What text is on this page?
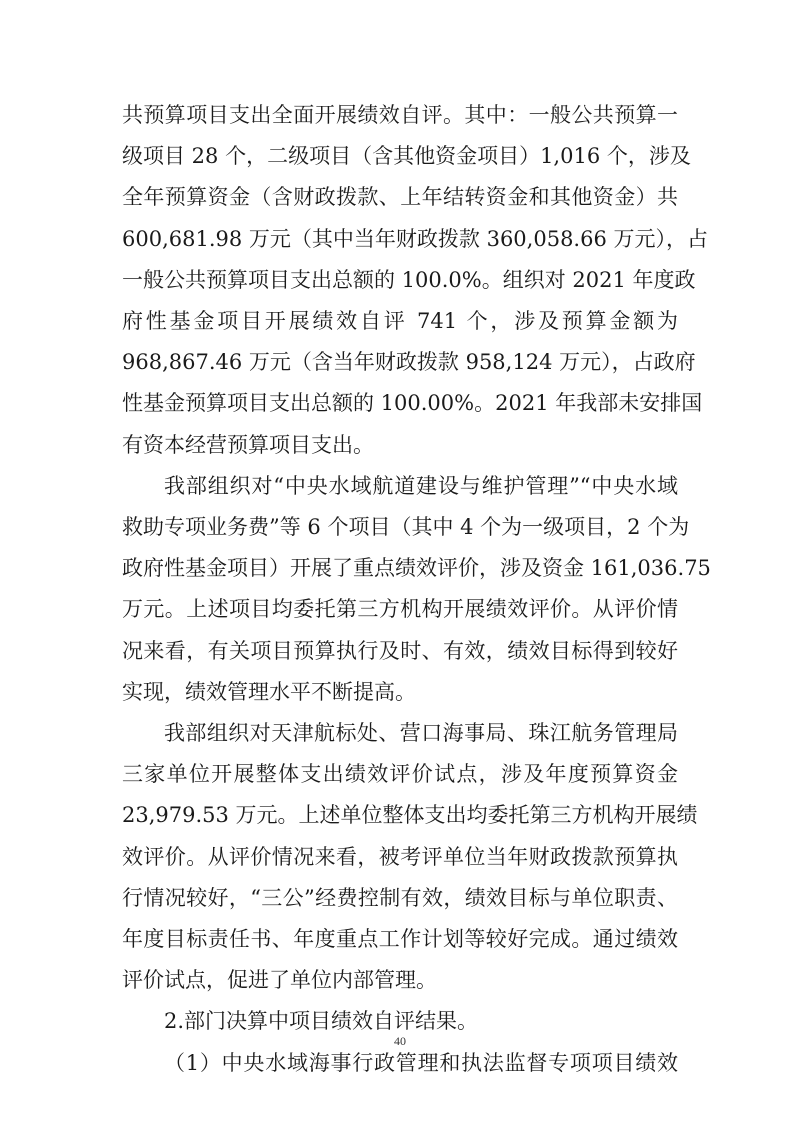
共预算项目支出全面开展绩效自评。其中：一般公共预算一
级项目 28 个，二级项目（含其他资金项目）1,016 个，涉及
全年预算资金（含财政拨款、上年结转资金和其他资金）共
600,681.98 万元（其中当年财政拨款 360,058.66 万元），占
一般公共预算项目支出总额的 100.0%。组织对 2021 年度政
府性基金项目开展绩效自评 741 个，涉及预算金额为
968,867.46 万元（含当年财政拨款 958,124 万元），占政府
性基金预算项目支出总额的 100.00%。2021 年我部未安排国
有资本经营预算项目支出。
我部组织对“中央水域航道建设与维护管理”“中央水域
救助专项业务费”等 6 个项目（其中 4 个为一级项目，2 个为
政府性基金项目）开展了重点绩效评价，涉及资金 161,036.75
万元。上述项目均委托第三方机构开展绩效评价。从评价情
况来看，有关项目预算执行及时、有效，绩效目标得到较好
实现，绩效管理水平不断提高。
我部组织对天津航标处、营口海事局、珠江航务管理局
三家单位开展整体支出绩效评价试点，涉及年度预算资金
23,979.53 万元。上述单位整体支出均委托第三方机构开展绩
效评价。从评价情况来看，被考评单位当年财政拨款预算执
行情况较好，“三公”经费控制有效，绩效目标与单位职责、
年度目标责任书、年度重点工作计划等较好完成。通过绩效
评价试点，促进了单位内部管理。
2.部门决算中项目绩效自评结果。
（1）中央水域海事行政管理和执法监督专项项目绩效
40
